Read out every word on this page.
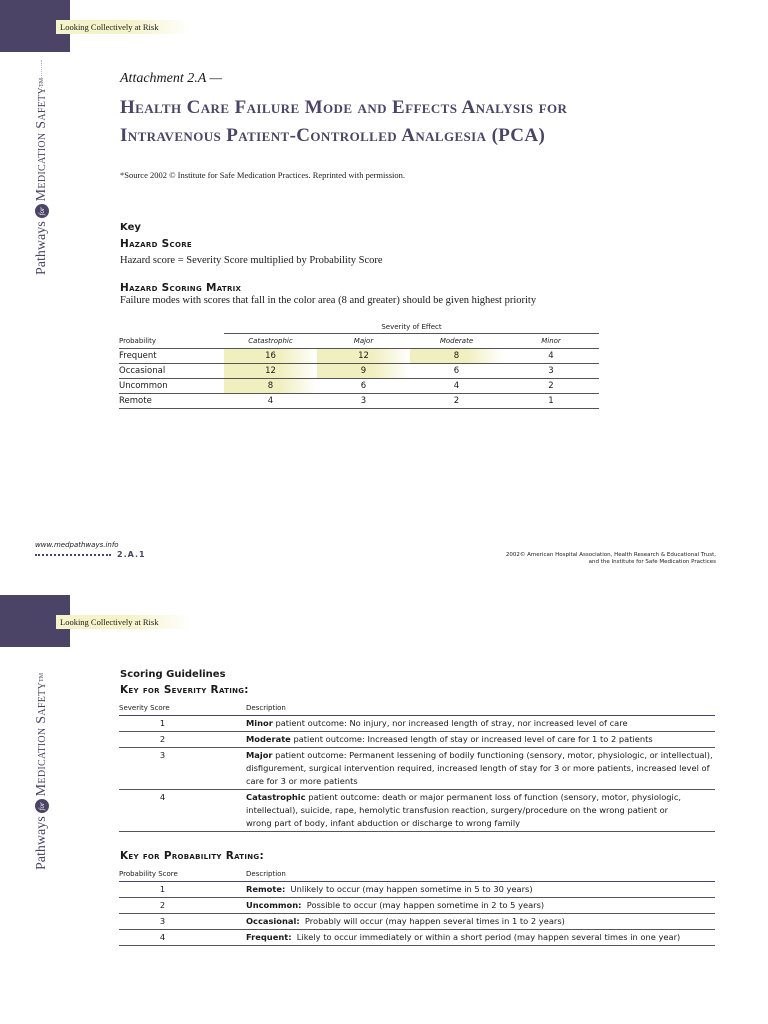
Looking Collectively at Risk
Pathways
for
Medication Safety
TM	Attachment 2.A —
Health Care Failure Mode and Effects Analysis for
Intravenous Patient-Controlled Analgesia (PCA)
*Source 2002 © Institute for Safe Medication Practices. Reprinted with permission.
Key
Hazard Score
Hazard score = Severity Score multiplied by Probability Score
Hazard Scoring Matrix
Failure modes with scores that fall in the color area (8 and greater) should be given highest priority
	Severity of Effect			
Probability	Catastrophic	Major	Moderate	Minor
Frequent	16	12	8	4
Occasional	12	9	6	3
Uncommon	8	6	4	2
Remote	4	3	2	1
www.medpathways.info
2.A.1	2002© American Hospital Association, Health Research & Educational Trust,
and the Institute for Safe Medication Practices
Looking Collectively at Risk
Pathways
for
Medication Safety
TM	Scoring Guidelines
Key for Severity Rating:
Severity Score	Description
1	Minor patient outcome: No injury, nor increased length of stray, nor increased level of care
2	Moderate patient outcome: Increased length of stay or increased level of care for 1 to 2 patients
3	Major patient outcome: Permanent lessening of bodily functioning (sensory, motor, physiologic, or intellectual), disfigurement, surgical intervention required, increased length of stay for 3 or more patients, increased level of care for 3 or more patients
4	Catastrophic patient outcome: death or major permanent loss of function (sensory, motor, physiologic, intellectual), suicide, rape, hemolytic transfusion reaction, surgery/procedure on the wrong patient or wrong part of body, infant abduction or discharge to wrong family
Key for Probability Rating:
Probability Score	Description
1	Remote:  Unlikely to occur (may happen sometime in 5 to 30 years)
2	Uncommon:  Possible to occur (may happen sometime in 2 to 5 years)
3	Occasional:  Probably will occur (may happen several times in 1 to 2 years)
4	Frequent:  Likely to occur immediately or within a short period (may happen several times in one year)
